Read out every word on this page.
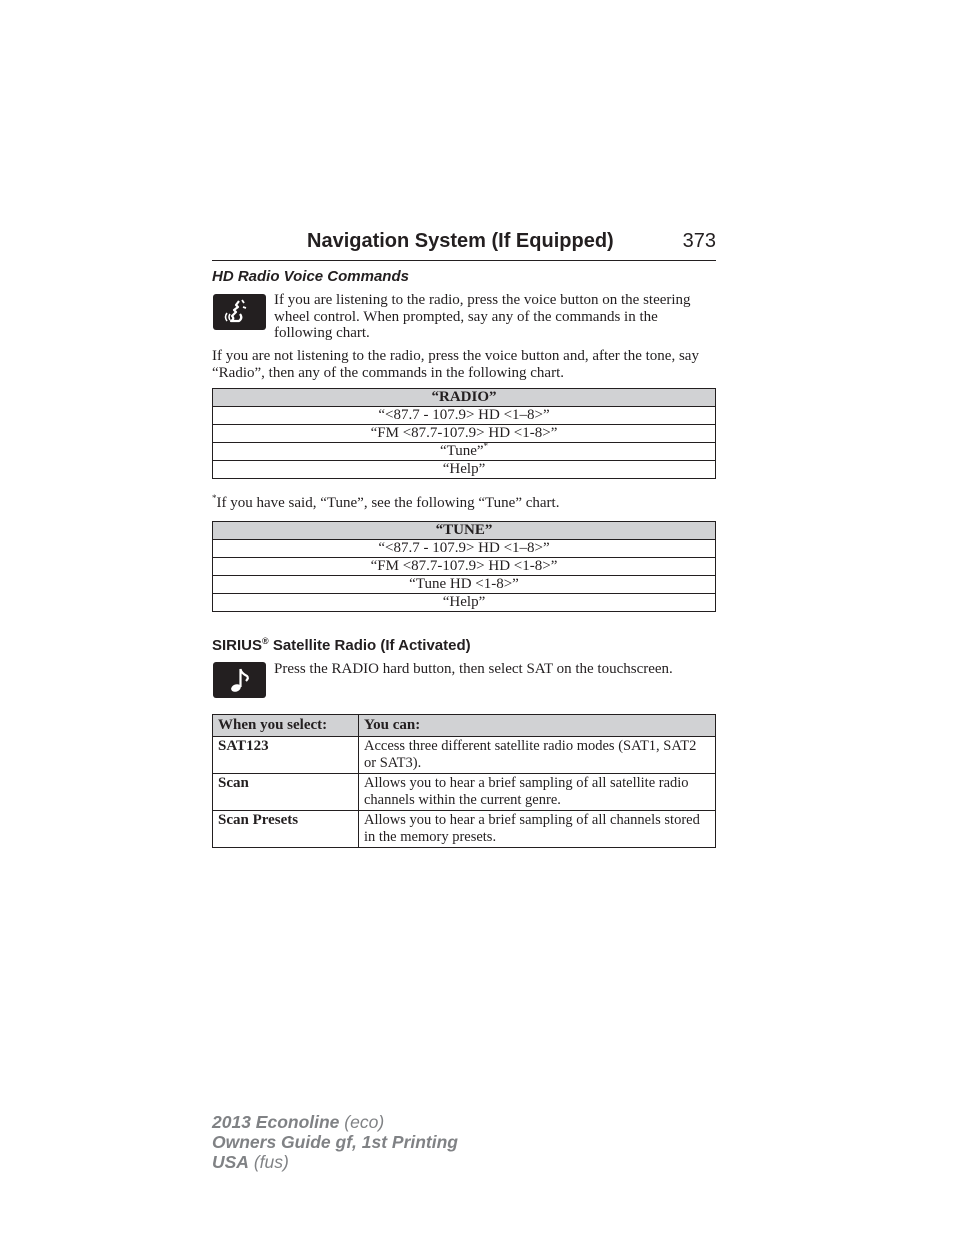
Navigation System (If Equipped)	373
HD Radio Voice Commands

If you are listening to the radio, press the voice button on the steering wheel control. When prompted, say any of the commands in the following chart.

If you are not listening to the radio, press the voice button and, after the tone, say “Radio”, then any of the commands in the following chart.

“RADIO”
“<87.7 - 107.9> HD <1–8>”
“FM <87.7-107.9> HD <1-8>”
“Tune”*
“Help”
*If you have said, “Tune”, see the following “Tune” chart.
“TUNE”
“<87.7 - 107.9> HD <1–8>”
“FM <87.7-107.9> HD <1-8>”
“Tune HD <1-8>”
“Help”
SIRIUS® Satellite Radio (If Activated)

Press the RADIO hard button, then select SAT on the touchscreen.

When you select:	You can:
SAT123	Access three different satellite radio modes (SAT1, SAT2 or SAT3).
Scan	Allows you to hear a brief sampling of all satellite radio channels within the current genre.
Scan Presets	Allows you to hear a brief sampling of all channels stored in the memory presets.
2013 Econoline (eco)
Owners Guide gf, 1st Printing
USA (fus)
